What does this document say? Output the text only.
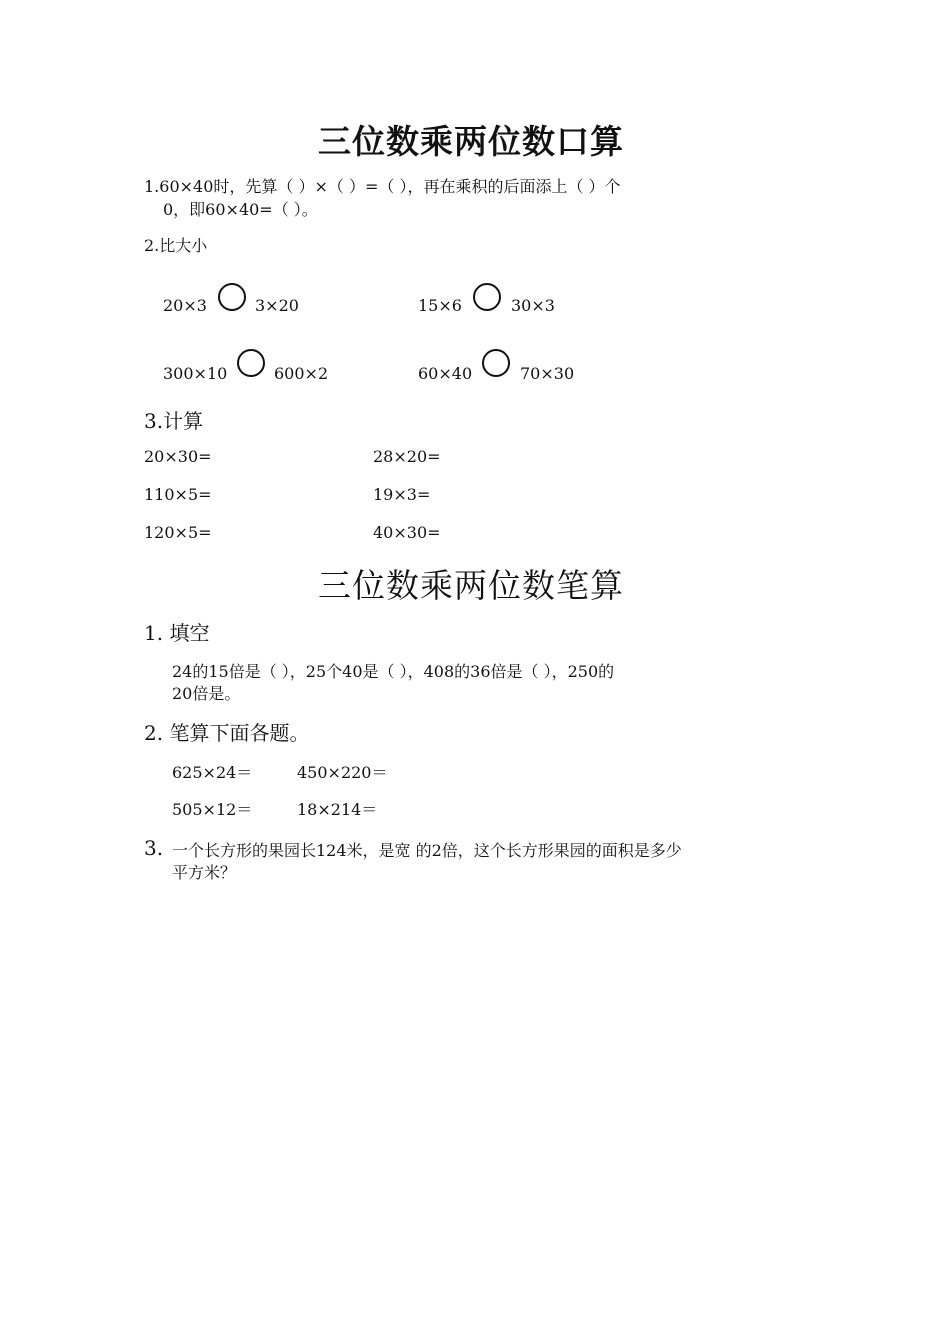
三位数乘两位数口算
1.60×40时，先算（ ）×（ ）=（ ），再在乘积的后面添上（ ）个
0，即60×40=（ ）。
2.比大小
20×3	3×20	15×6	30×3
300×10	600×2	60×40	70×30
3.计算
20×30=	28×20=
110×5=	19×3=
120×5=	40×30=
三位数乘两位数笔算
1. 填空
24的15倍是（ ），25个40是（ ），408的36倍是（ ），250的
20倍是。
2. 笔算下面各题。
625×24＝	450×220＝
505×12＝	18×214＝
3. 一个长方形的果园长124米，是宽 的2倍，这个长方形果园的面积是多少
平方米？
